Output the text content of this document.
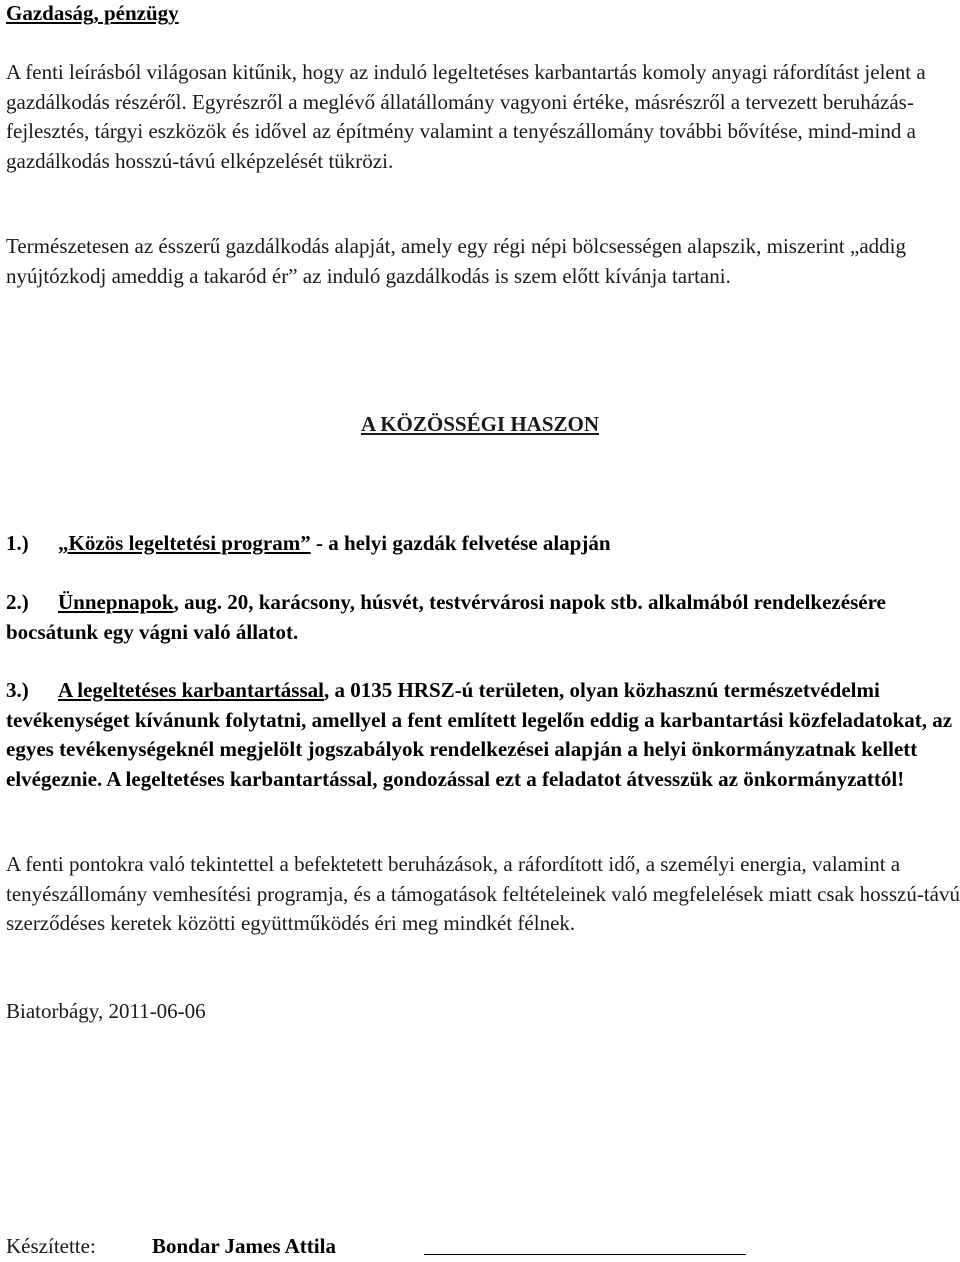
Gazdaság, pénzügy

A fenti leírásból világosan kitűnik, hogy az induló legeltetéses karbantartás komoly anyagi ráfordítást jelent a gazdálkodás részéről. Egyrészről a meglévő állatállomány vagyoni értéke, másrészről a tervezett beruházás-fejlesztés, tárgyi eszközök és idővel az építmény valamint a tenyészállomány további bővítése, mind-mind a gazdálkodás hosszú-távú elképzelését tükrözi.

Természetesen az ésszerű gazdálkodás alapját, amely egy régi népi bölcsességen alapszik, miszerint „addig nyújtózkodj ameddig a takaród ér” az induló gazdálkodás is szem előtt kívánja tartani.

A KÖZÖSSÉGI HASZON

1.) „Közös legeltetési program” - a helyi gazdák felvetése alapján

2.) Ünnepnapok, aug. 20, karácsony, húsvét, testvérvárosi napok stb. alkalmából rendelkezésére bocsátunk egy vágni való állatot.

3.) A legeltetéses karbantartással, a 0135 HRSZ-ú területen, olyan közhasznú természetvédelmi tevékenységet kívánunk folytatni, amellyel a fent említett legelőn eddig a karbantartási közfeladatokat, az egyes tevékenységeknél megjelölt jogszabályok rendelkezései alapján a helyi önkormányzatnak kellett elvégeznie. A legeltetéses karbantartással, gondozással ezt a feladatot átvesszük az önkormányzattól!

A fenti pontokra való tekintettel a befektetett beruházások, a ráfordított idő, a személyi energia, valamint a tenyészállomány vemhesítési programja, és a támogatások feltételeinek való megfelelések miatt csak hosszú-távú szerződéses keretek közötti együttműködés éri meg mindkét félnek.

Biatorbágy, 2011-06-06

Készítette:	Bondar James Attila
